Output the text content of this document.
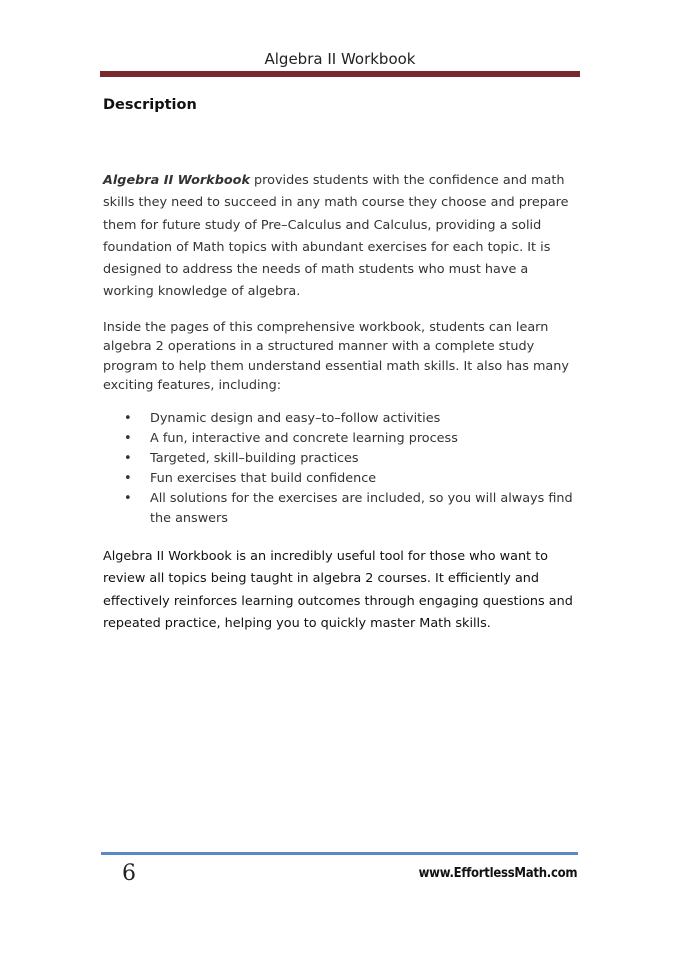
Algebra II Workbook
Description
Algebra II Workbook provides students with the confidence and math skills they need to succeed in any math course they choose and prepare them for future study of Pre–Calculus and Calculus, providing a solid foundation of Math topics with abundant exercises for each topic. It is designed to address the needs of math students who must have a working knowledge of algebra.
Inside the pages of this comprehensive workbook, students can learn algebra 2 operations in a structured manner with a complete study program to help them understand essential math skills. It also has many exciting features, including:
• Dynamic design and easy–to–follow activities
• A fun, interactive and concrete learning process
• Targeted, skill–building practices
• Fun exercises that build confidence
• All solutions for the exercises are included, so you will always find the answers
Algebra II Workbook is an incredibly useful tool for those who want to review all topics being taught in algebra 2 courses. It efficiently and effectively reinforces learning outcomes through engaging questions and repeated practice, helping you to quickly master Math skills.
6	www.EffortlessMath.com
